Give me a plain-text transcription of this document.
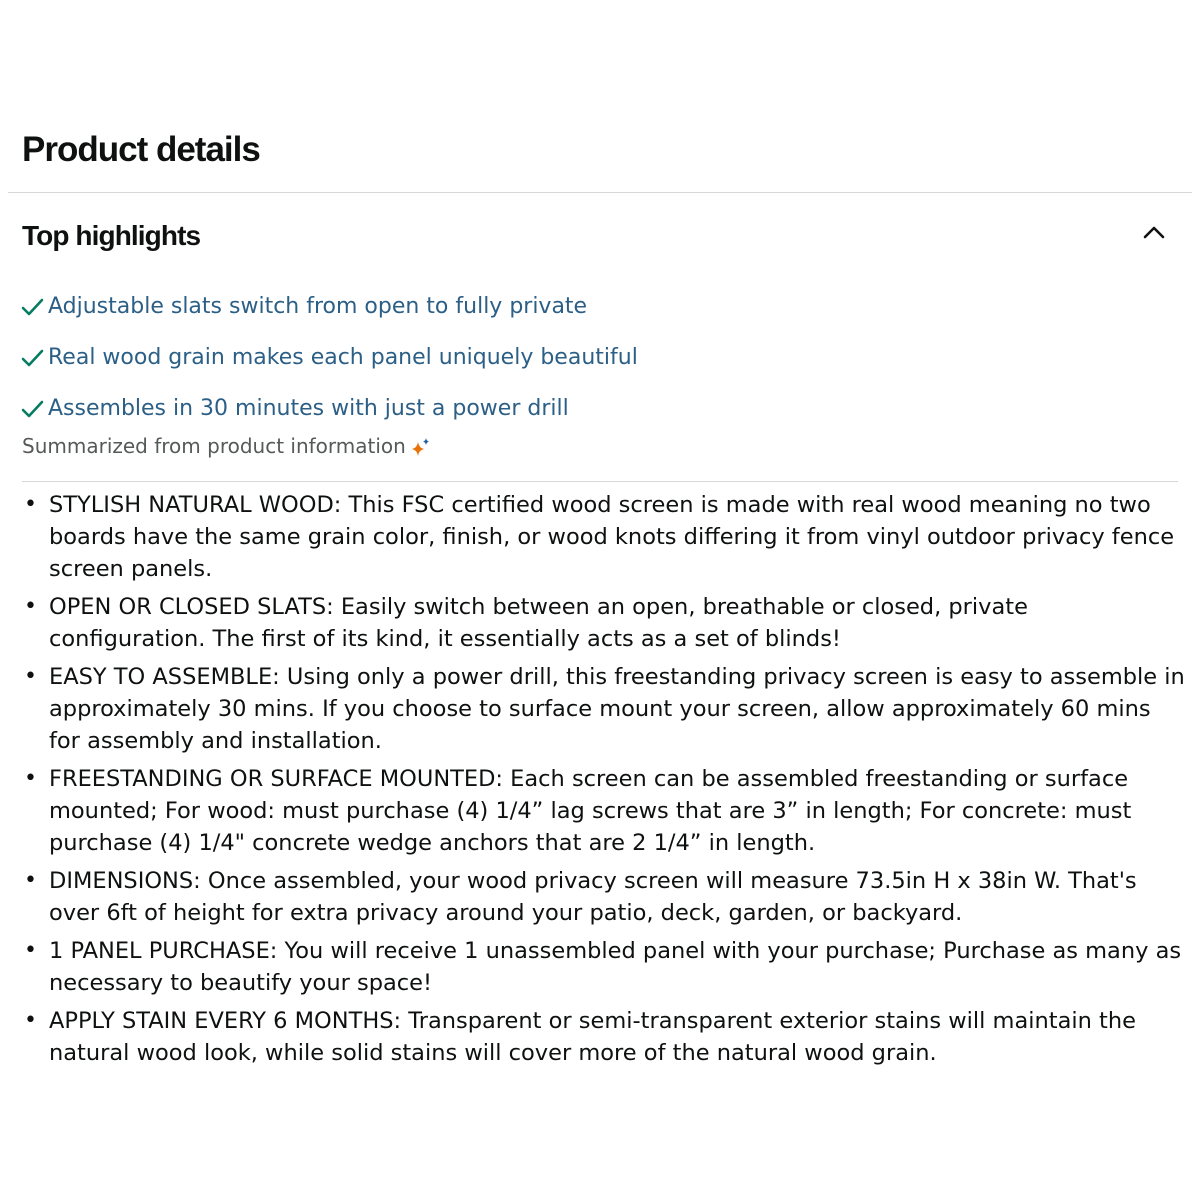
Product details
Top highlights
Adjustable slats switch from open to fully private
Real wood grain makes each panel uniquely beautiful
Assembles in 30 minutes with just a power drill
Summarized from product information
• STYLISH NATURAL WOOD: This FSC certified wood screen is made with real wood meaning no two boards have the same grain color, finish, or wood knots differing it from vinyl outdoor privacy fence screen panels.
• OPEN OR CLOSED SLATS: Easily switch between an open, breathable or closed, private configuration. The first of its kind, it essentially acts as a set of blinds!
• EASY TO ASSEMBLE: Using only a power drill, this freestanding privacy screen is easy to assemble in approximately 30 mins. If you choose to surface mount your screen, allow approximately 60 mins for assembly and installation.
• FREESTANDING OR SURFACE MOUNTED: Each screen can be assembled freestanding or surface mounted; For wood: must purchase (4) 1/4” lag screws that are 3” in length; For concrete: must purchase (4) 1/4" concrete wedge anchors that are 2 1/4” in length.
• DIMENSIONS: Once assembled, your wood privacy screen will measure 73.5in H x 38in W. That's over 6ft of height for extra privacy around your patio, deck, garden, or backyard.
• 1 PANEL PURCHASE: You will receive 1 unassembled panel with your purchase; Purchase as many as necessary to beautify your space!
• APPLY STAIN EVERY 6 MONTHS: Transparent or semi-transparent exterior stains will maintain the natural wood look, while solid stains will cover more of the natural wood grain.
